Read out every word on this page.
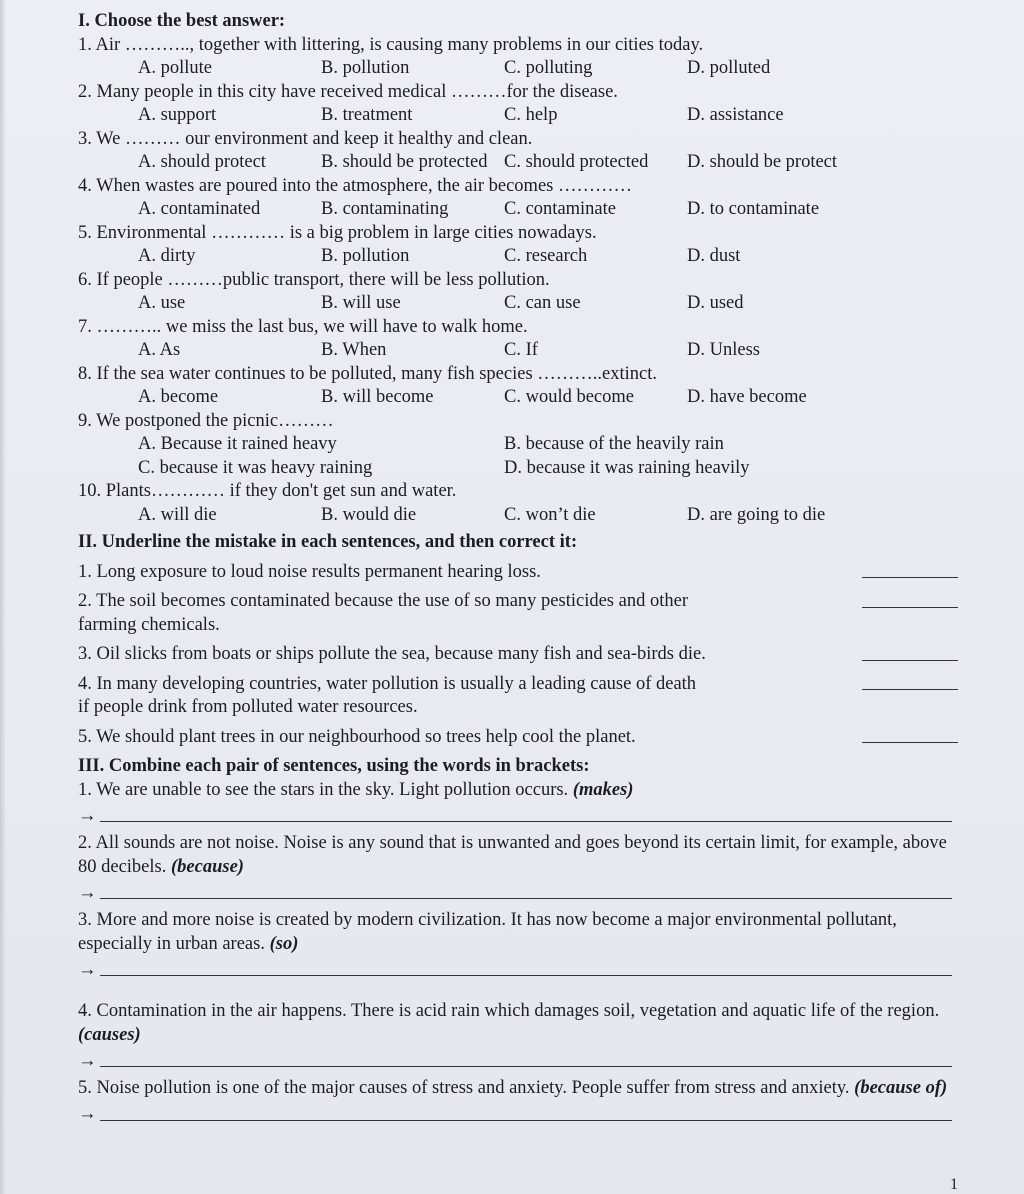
I. Choose the best answer:
1. Air ……….., together with littering, is causing many problems in our cities today.
A. pollute	B. pollution	C. polluting	D. polluted
2. Many people in this city have received medical ………for the disease.
A. support	B. treatment	C. help	D. assistance
3. We ……… our environment and keep it healthy and clean.
A. should protect	B. should be protected C. should protected	D. should be protect
4. When wastes are poured into the atmosphere, the air becomes …………
A. contaminated	B. contaminating	C. contaminate	D. to contaminate
5. Environmental ………… is a big problem in large cities nowadays.
A. dirty	B. pollution	C. research	D. dust
6. If people ………public transport, there will be less pollution.
A. use	B. will use	C. can use	D. used
7. ……….. we miss the last bus, we will have to walk home.
A. As	B. When	C. If	D. Unless
8. If the sea water continues to be polluted, many fish species ………..extinct.
A. become	B. will become	C. would become	D. have become
9. We postponed the picnic………
A. Because it rained heavy	B. because of the heavily rain
C. because it was heavy raining	D. because it was raining heavily
10. Plants………… if they don't get sun and water.
A. will die	B. would die	C. won’t die	D. are going to die
II. Underline the mistake in each sentences, and then correct it:
1. Long exposure to loud noise results permanent hearing loss.
2. The soil becomes contaminated because the use of so many pesticides and other
farming chemicals.
3. Oil slicks from boats or ships pollute the sea, because many fish and sea-birds die.
4. In many developing countries, water pollution is usually a leading cause of death
if people drink from polluted water resources.
5. We should plant trees in our neighbourhood so trees help cool the planet.
III. Combine each pair of sentences, using the words in brackets:
1. We are unable to see the stars in the sky. Light pollution occurs. (makes)
→
2. All sounds are not noise. Noise is any sound that is unwanted and goes beyond its certain limit, for example, above 80 decibels. (because)
→
3. More and more noise is created by modern civilization. It has now become a major environmental pollutant, especially in urban areas. (so)
→
4. Contamination in the air happens. There is acid rain which damages soil, vegetation and aquatic life of the region. (causes)
→
5. Noise pollution is one of the major causes of stress and anxiety. People suffer from stress and anxiety. (because of)
→
1
